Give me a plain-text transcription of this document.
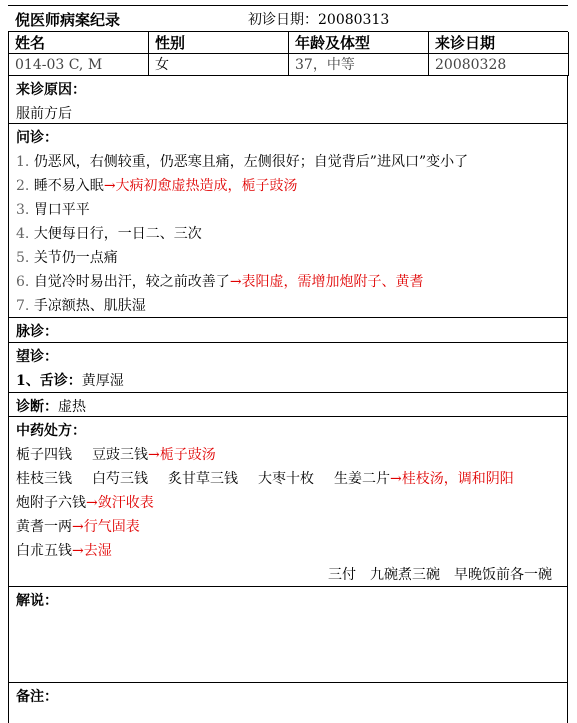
倪医师病案纪录	初诊日期：20080313
姓名	性别	年龄及体型	来诊日期
014-03 C, M	女	37，中等	20080328
来诊原因：
服前方后
问诊：
1. 仍恶风，右侧较重，仍恶寒且痛，左侧很好；自觉背后”进风口”变小了
2. 睡不易入眠→大病初愈虚热造成，栀子豉汤
3. 胃口平平
4. 大便每日行，一日二、三次
5. 关节仍一点痛
6. 自觉冷时易出汗，较之前改善了→表阳虚，需增加炮附子、黄耆
7. 手凉额热、肌肤湿
脉诊：
望诊：
1、舌诊：黄厚湿
诊断：虚热
中药处方：
栀子四钱 豆豉三钱→栀子豉汤
桂枝三钱 白芍三钱 炙甘草三钱 大枣十枚 生姜二片→桂枝汤，调和阴阳
炮附子六钱→敛汗收表
黄耆一两→行气固表
白朮五钱→去湿
三付　九碗煮三碗　早晚饭前各一碗
解说：
备注：
